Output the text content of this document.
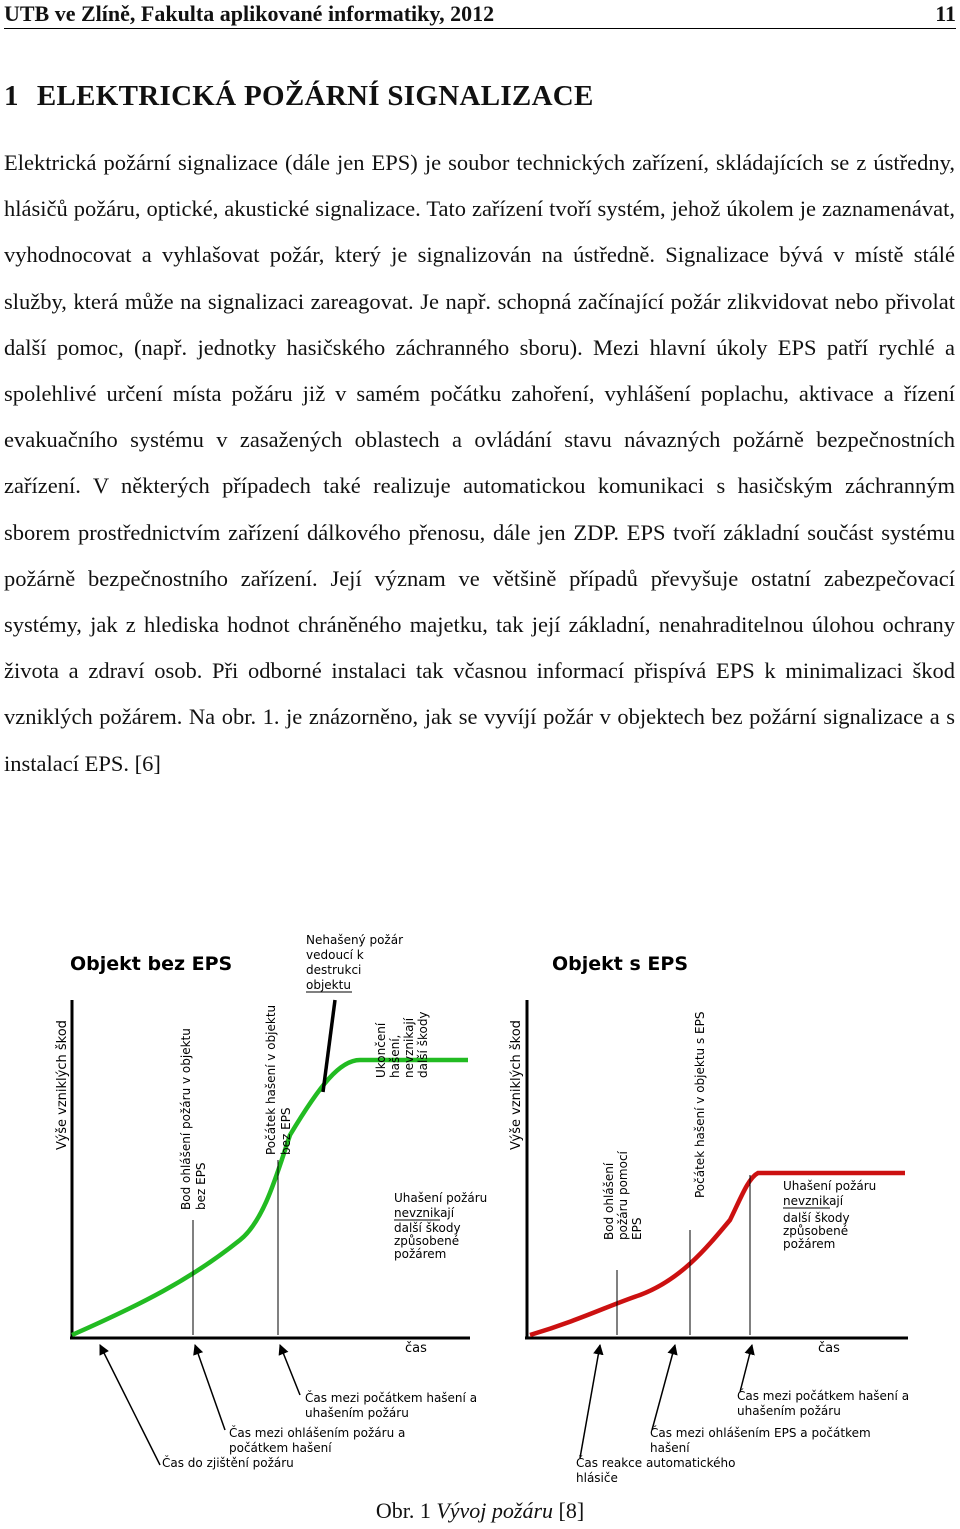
UTB ve Zlíně, Fakulta aplikované informatiky, 2012	11
1 ELEKTRICKÁ POŽÁRNÍ SIGNALIZACE
Elektrická požární signalizace (dále jen EPS) je soubor technických zařízení, skládajících se z ústředny, hlásičů požáru, optické, akustické signalizace. Tato zařízení tvoří systém, jehož úkolem je zaznamenávat, vyhodnocovat a vyhlašovat požár, který je signalizován na ústředně. Signalizace bývá v místě stálé služby, která může na signalizaci zareagovat. Je např. schopná začínající požár zlikvidovat nebo přivolat další pomoc, (např. jednotky hasičského záchranného sboru). Mezi hlavní úkoly EPS patří rychlé a spolehlivé určení místa požáru již v samém počátku zahoření, vyhlášení poplachu, aktivace a řízení evakuačního systému v zasažených oblastech a ovládání stavu návazných požárně bezpečnostních zařízení. V některých případech také realizuje automatickou komunikaci s hasičským záchranným sborem prostřednictvím zařízení dálkového přenosu, dále jen ZDP. EPS tvoří základní součást systému požárně bezpečnostního zařízení. Její význam ve většině případů převyšuje ostatní zabezpečovací systémy, jak z hlediska hodnot chráněného majetku, tak její základní, nenahraditelnou úlohou ochrany života a zdraví osob. Při odborné instalaci tak včasnou informací přispívá EPS k minimalizaci škod vzniklých požárem. Na obr. 1. je znázorněno, jak se vyvíjí požár v objektech bez požární signalizace a s instalací EPS. [6]
Objekt bez EPS
Výše vzniklých škod
čas
Bod ohlášení požáru v objektu bez EPS
Počátek hašení v objektu bez EPS
Ukončení hašení, nevznikají další škody
Nehašený požár vedoucí k destrukci objektu
Uhašení požáru nevznikají
další škody způsobené požárem
Čas mezi počátkem hašení a uhašením požáru
Čas mezi ohlášením požáru a počátkem hašení
Čas do zjištění požáru
Objekt s EPS
Výše vzniklých škod
čas
Bod ohlášení požáru pomocí EPS
Počátek hašení v objektu s EPS	Uhašení požáru nevznikají
další škody způsobené požárem
Čas mezi počátkem hašení a uhašením požáru
Čas mezi ohlášením EPS a počátkem hašení
Čas reakce automatického hlásiče
Obr. 1 Vývoj požáru [8]
